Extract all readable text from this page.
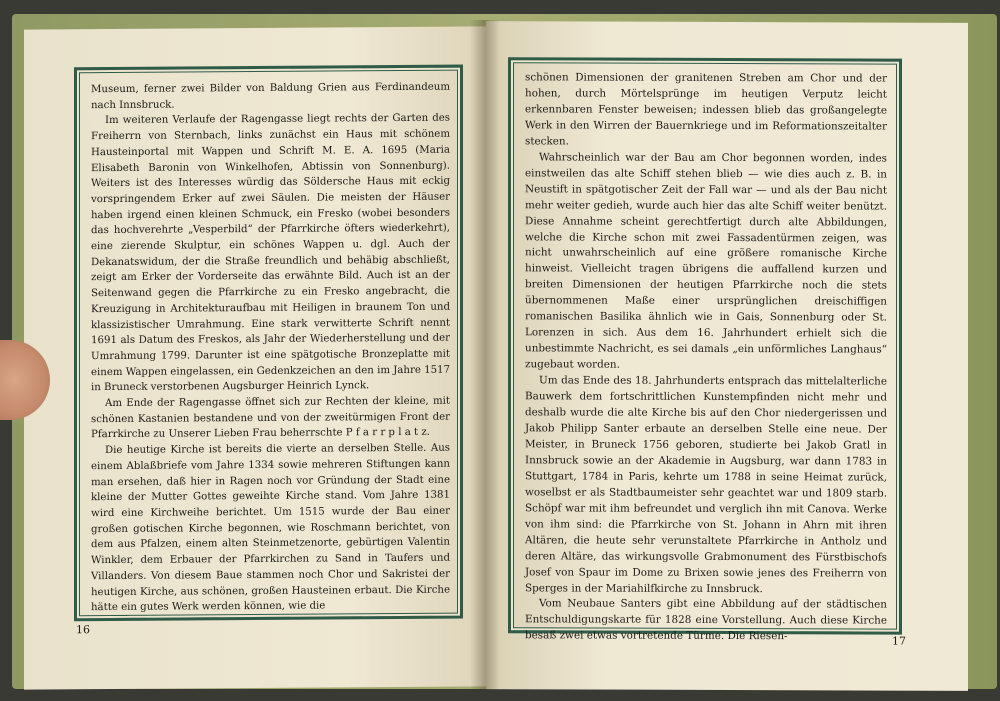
Museum, ferner zwei Bilder von Baldung Grien aus Ferdinandeum nach Innsbruck.

Im weiteren Verlaufe der Ragengasse liegt rechts der Garten des Freiherrn von Sternbach, links zunächst ein Haus mit schönem Hausteinportal mit Wappen und Schrift M. E. A. 1695 (Maria Elisabeth Baronin von Winkelhofen, Abtissin von Sonnenburg). Weiters ist des Interesses würdig das Söldersche Haus mit eckig vorspringendem Erker auf zwei Säulen. Die meisten der Häuser haben irgend einen kleinen Schmuck, ein Fresko (wobei besonders das hochverehrte „Vesperbild“ der Pfarrkirche öfters wiederkehrt), eine zierende Skulptur, ein schönes Wappen u. dgl. Auch der Dekanatswidum, der die Straße freundlich und behäbig abschließt, zeigt am Erker der Vorderseite das erwähnte Bild. Auch ist an der Seitenwand gegen die Pfarrkirche zu ein Fresko angebracht, die Kreuzigung in Architekturaufbau mit Heiligen in braunem Ton und klassizistischer Umrahmung. Eine stark verwitterte Schrift nennt 1691 als Datum des Freskos, als Jahr der Wiederherstellung und der Umrahmung 1799. Darunter ist eine spätgotische Bronzeplatte mit einem Wappen eingelassen, ein Gedenkzeichen an den im Jahre 1517 in Bruneck verstorbenen Augsburger Heinrich Lynck.

Am Ende der Ragengasse öffnet sich zur Rechten der kleine, mit schönen Kastanien bestandene und von der zweitürmigen Front der Pfarrkirche zu Unserer Lieben Frau beherrschte P f a r r p l a t z.

Die heutige Kirche ist bereits die vierte an derselben Stelle. Aus einem Ablaßbriefe vom Jahre 1334 sowie mehreren Stiftungen kann man ersehen, daß hier in Ragen noch vor Gründung der Stadt eine kleine der Mutter Gottes geweihte Kirche stand. Vom Jahre 1381 wird eine Kirchweihe berichtet. Um 1515 wurde der Bau einer großen gotischen Kirche begonnen, wie Roschmann berichtet, von dem aus Pfalzen, einem alten Steinmetzenorte, gebürtigen Valentin Winkler, dem Erbauer der Pfarrkirchen zu Sand in Taufers und Villanders. Von diesem Baue stammen noch Chor und Sakristei der heutigen Kirche, aus schönen, großen Hausteinen erbaut. Die Kirche hätte ein gutes Werk werden können, wie die

16

schönen Dimensionen der granitenen Streben am Chor und der hohen, durch Mörtelsprünge im heutigen Verputz leicht erkennbaren Fenster beweisen; indessen blieb das großangelegte Werk in den Wirren der Bauernkriege und im Reformationszeitalter stecken.

Wahrscheinlich war der Bau am Chor begonnen worden, indes einstweilen das alte Schiff stehen blieb — wie dies auch z. B. in Neustift in spätgotischer Zeit der Fall war — und als der Bau nicht mehr weiter gedieh, wurde auch hier das alte Schiff weiter benützt. Diese Annahme scheint gerechtfertigt durch alte Abbildungen, welche die Kirche schon mit zwei Fassadentürmen zeigen, was nicht unwahrscheinlich auf eine größere romanische Kirche hinweist. Vielleicht tragen übrigens die auffallend kurzen und breiten Dimensionen der heutigen Pfarrkirche noch die stets übernommenen Maße einer ursprünglichen dreischiffigen romanischen Basilika ähnlich wie in Gais, Sonnenburg oder St. Lorenzen in sich. Aus dem 16. Jahrhundert erhielt sich die unbestimmte Nachricht, es sei damals „ein unförmliches Langhaus“ zugebaut worden.

Um das Ende des 18. Jahrhunderts entsprach das mittelalterliche Bauwerk dem fortschrittlichen Kunstempfinden nicht mehr und deshalb wurde die alte Kirche bis auf den Chor niedergerissen und Jakob Philipp Santer erbaute an derselben Stelle eine neue. Der Meister, in Bruneck 1756 geboren, studierte bei Jakob Gratl in Innsbruck sowie an der Akademie in Augsburg, war dann 1783 in Stuttgart, 1784 in Paris, kehrte um 1788 in seine Heimat zurück, woselbst er als Stadtbaumeister sehr geachtet war und 1809 starb. Schöpf war mit ihm befreundet und verglich ihn mit Canova. Werke von ihm sind: die Pfarrkirche von St. Johann in Ahrn mit ihren Altären, die heute sehr verunstaltete Pfarrkirche in Antholz und deren Altäre, das wirkungsvolle Grabmonument des Fürstbischofs Josef von Spaur im Dome zu Brixen sowie jenes des Freiherrn von Sperges in der Mariahilfkirche zu Innsbruck.

Vom Neubaue Santers gibt eine Abbildung auf der städtischen Entschuldigungskarte für 1828 eine Vorstellung. Auch diese Kirche besaß zwei etwas vortretende Türme. Die Riesen-	17
